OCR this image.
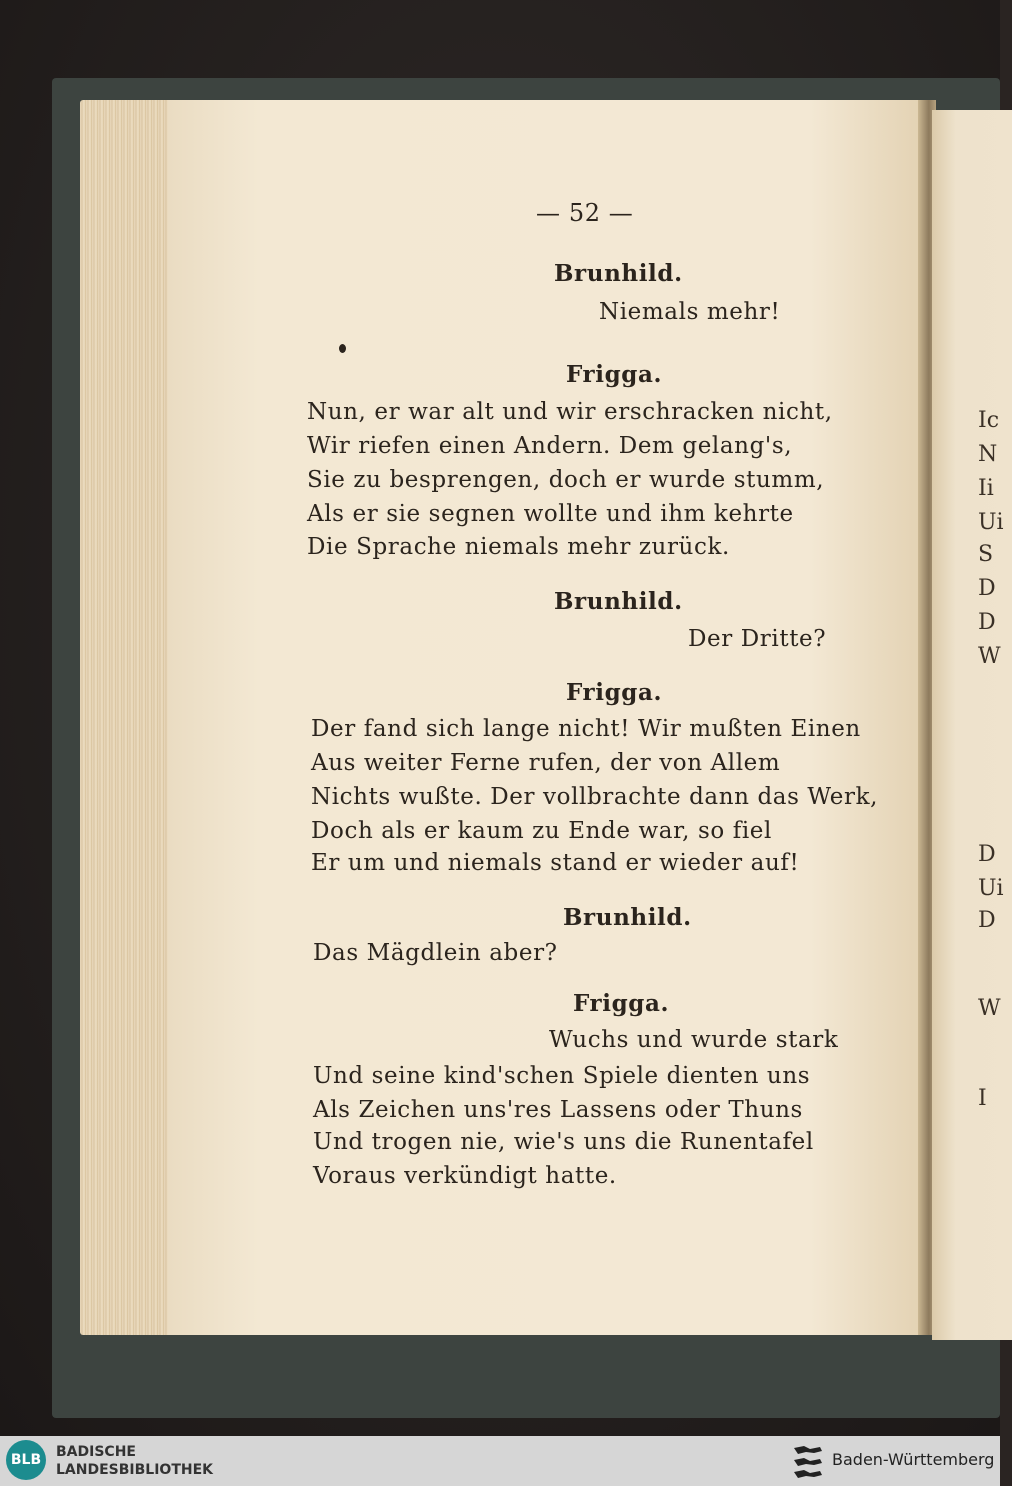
Ic
N
Ii
Ui
S
D
D
W
D
Ui
D
W
I
— 52 —
Brunhild.
Niemals mehr!
Frigga.
Nun, er war alt und wir erschracken nicht,
Wir riefen einen Andern. Dem gelang's,
Sie zu besprengen, doch er wurde stumm,
Als er sie segnen wollte und ihm kehrte
Die Sprache niemals mehr zurück.
Brunhild.
Der Dritte?
Frigga.
Der fand sich lange nicht! Wir mußten Einen
Aus weiter Ferne rufen, der von Allem
Nichts wußte. Der vollbrachte dann das Werk,
Doch als er kaum zu Ende war, so fiel
Er um und niemals stand er wieder auf!
Brunhild.
Das Mägdlein aber?
Frigga.
Wuchs und wurde stark
Und seine kind'schen Spiele dienten uns
Als Zeichen uns'res Lassens oder Thuns
Und trogen nie, wie's uns die Runentafel
Voraus verkündigt hatte.
BLB	BADISCHE
LANDESBIBLIOTHEK
Baden-Württemberg
